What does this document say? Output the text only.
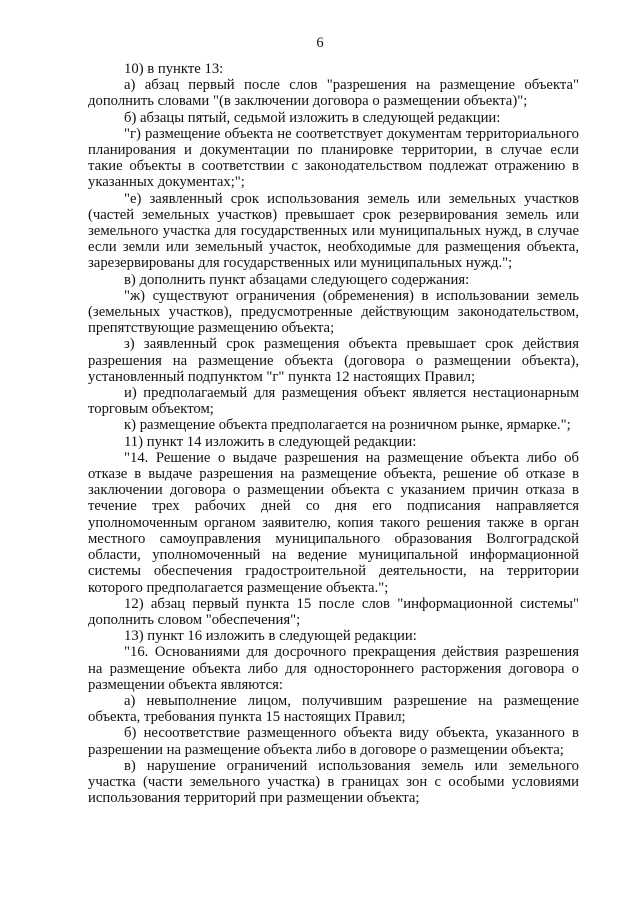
6

10) в пункте 13:

а) абзац первый после слов "разрешения на размещение объекта" дополнить словами "(в заключении договора о размещении объекта)";

б) абзацы пятый, седьмой изложить в следующей редакции:

"г) размещение объекта не соответствует документам территориального планирования и документации по планировке территории, в случае если такие объекты в соответствии с законодательством подлежат отражению в указанных документах;";

"е) заявленный срок использования земель или земельных участков (частей земельных участков) превышает срок резервирования земель или земельного участка для государственных или муниципальных нужд, в случае если земли или земельный участок, необходимые для размещения объекта, зарезервированы для государственных или муниципальных нужд.";

в) дополнить пункт абзацами следующего содержания:

"ж) существуют ограничения (обременения) в использовании земель (земельных участков), предусмотренные действующим законодательством, препятствующие размещению объекта;

з) заявленный срок размещения объекта превышает срок действия разрешения на размещение объекта (договора о размещении объекта), установленный подпунктом "г" пункта 12 настоящих Правил;

и) предполагаемый для размещения объект является нестационарным торговым объектом;

к) размещение объекта предполагается на розничном рынке, ярмарке.";

11) пункт 14 изложить в следующей редакции:

"14. Решение о выдаче разрешения на размещение объекта либо об отказе в выдаче разрешения на размещение объекта, решение об отказе в заключении договора о размещении объекта с указанием причин отказа в течение трех рабочих дней со дня его подписания направляется уполномоченным органом заявителю, копия такого решения также в орган местного самоуправления муниципального образования Волгоградской области, уполномоченный на ведение муниципальной информационной системы обеспечения градостроительной деятельности, на территории которого предполагается размещение объекта.";

12) абзац первый пункта 15 после слов "информационной системы" дополнить словом "обеспечения";

13) пункт 16 изложить в следующей редакции:

"16. Основаниями для досрочного прекращения действия разрешения на размещение объекта либо для одностороннего расторжения договора о размещении объекта являются:

а) невыполнение лицом, получившим разрешение на размещение объекта, требования пункта 15 настоящих Правил;

б) несоответствие размещенного объекта виду объекта, указанного в разрешении на размещение объекта либо в договоре о размещении объекта;

в) нарушение ограничений использования земель или земельного участка (части земельного участка) в границах зон с особыми условиями использования территорий при размещении объекта;
